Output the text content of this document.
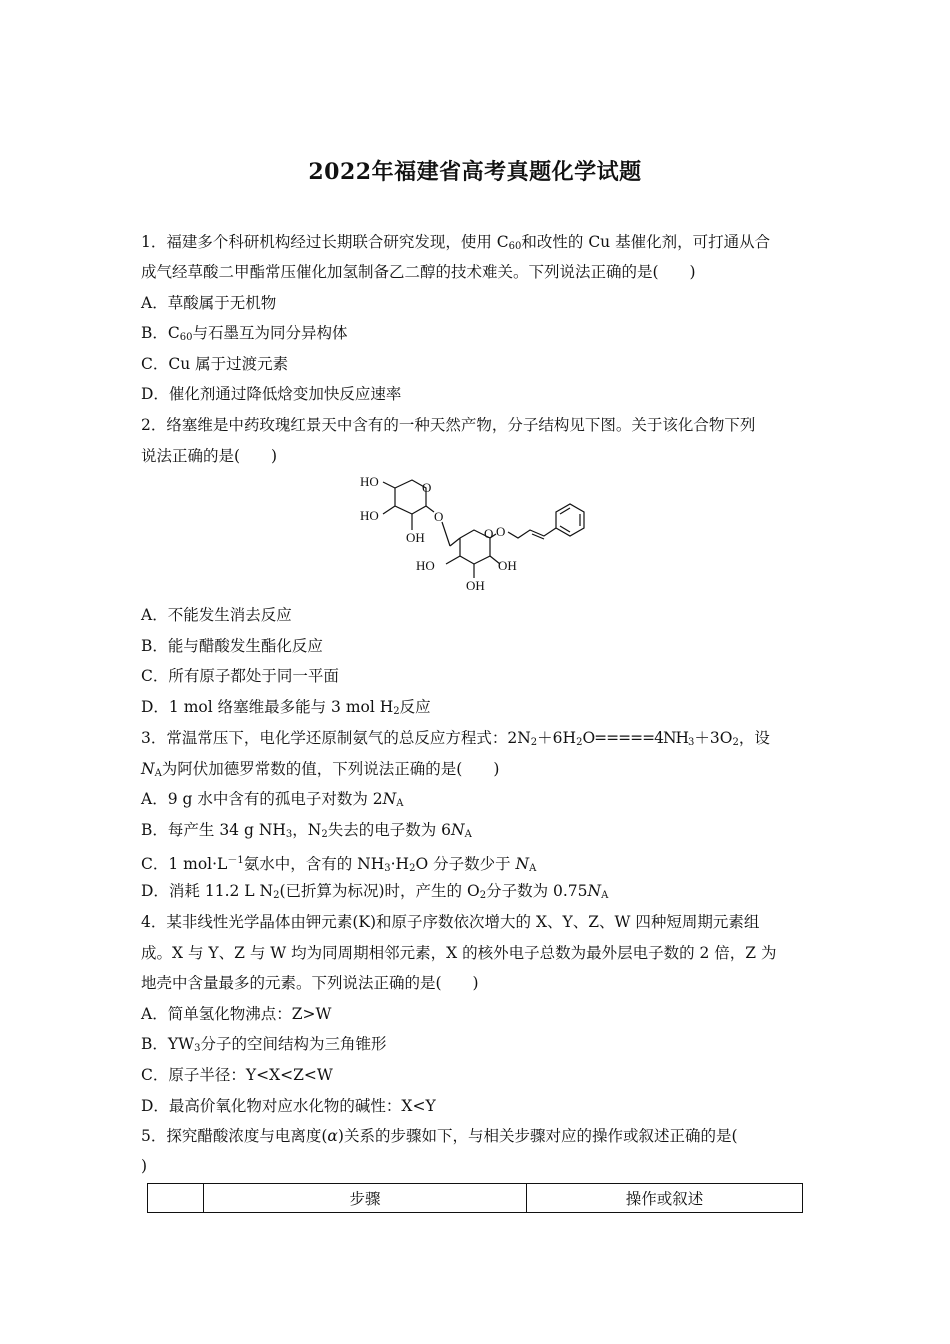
2022年福建省高考真题化学试题
1．福建多个科研机构经过长期联合研究发现，使用 $C_{60}$和改性的 Cu 基催化剂，可打通从合
成气经草酸二甲酯常压催化加氢制备乙二醇的技术难关。下列说法正确的是(　　)
A．草酸属于无机物
B．$C_{60}$与石墨互为同分异构体
C．Cu 属于过渡元素
D．催化剂通过降低焓变加快反应速率
2．络塞维是中药玫瑰红景天中含有的一种天然产物，分子结构见下图。关于该化合物下列
说法正确的是(　　)
HO
HO
OH
O
O
O
HO	OH
OH
O
A．不能发生消去反应
B．能与醋酸发生酯化反应
C．所有原子都处于同一平面
D．1 mol 络塞维最多能与 3 mol $H_2$反应
3．常温常压下，电化学还原制氨气的总反应方程式：$2N_2+6H_2O=====4NH_3+3O_2$，设
$N_A$为阿伏加德罗常数的值，下列说法正确的是(　　)
A．9 g 水中含有的孤电子对数为 $2N_A$
B．每产生 34 g $NH_3$，$N_2$失去的电子数为 $6N_A$
C．1 $mol\cdot L^{-1}$氨水中，含有的 $NH_3\cdot H_2O$ 分子数少于 $N_A$
D．消耗 11.2 L $N_2$(已折算为标况)时，产生的 $O_2$分子数为 $0.75N_A$
4．某非线性光学晶体由钾元素(K)和原子序数依次增大的 X、Y、Z、W 四种短周期元素组
成。X 与 Y、Z 与 W 均为同周期相邻元素，X 的核外电子总数为最外层电子数的 2 倍，Z 为
地壳中含量最多的元素。下列说法正确的是(　　)
A．简单氢化物沸点：Z>W
B．$YW_3$分子的空间结构为三角锥形
C．原子半径：Y<X<Z<W
D．最高价氧化物对应水化物的碱性：X<Y
5．探究醋酸浓度与电离度(α)关系的步骤如下，与相关步骤对应的操作或叙述正确的是(
)
	步骤	操作或叙述
